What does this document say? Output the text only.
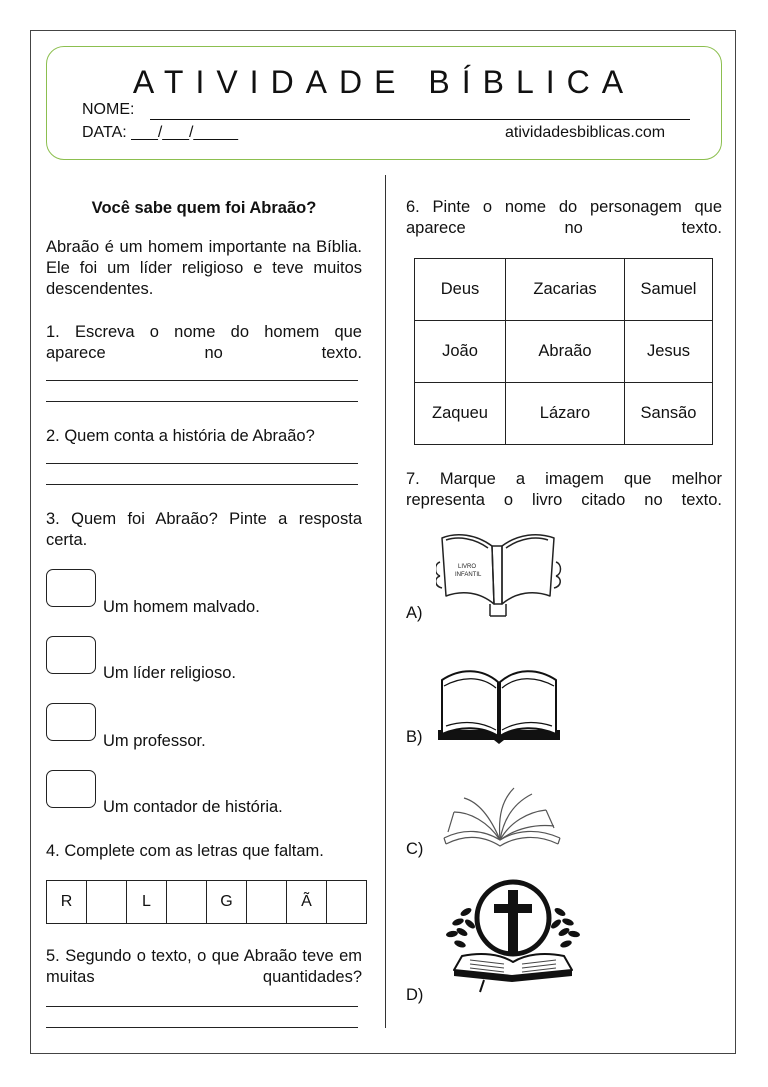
ATIVIDADE BÍBLICA
NOME:
DATA: ___/___/_____	atividadesbiblicas.com
Você sabe quem foi Abraão?
Abraão é um homem importante na Bíblia. Ele foi um líder religioso e teve muitos descendentes.
1. Escreva o nome do homem que aparece no texto.
2. Quem conta a história de Abraão?
3. Quem foi Abraão? Pinte a resposta certa.
Um homem malvado.
Um líder religioso.
Um professor.
Um contador de história.
4. Complete com as letras que faltam.
R		L		G		Ã	
5. Segundo o texto, o que Abraão teve em muitas quantidades?
6. Pinte o nome do personagem que aparece no texto.
Deus	Zacarias	Samuel
João	Abraão	Jesus
Zaqueu	Lázaro	Sansão
7. Marque a imagem que melhor representa o livro citado no texto.
A)
LIVRO
INFANTIL
B)
C)
D)
